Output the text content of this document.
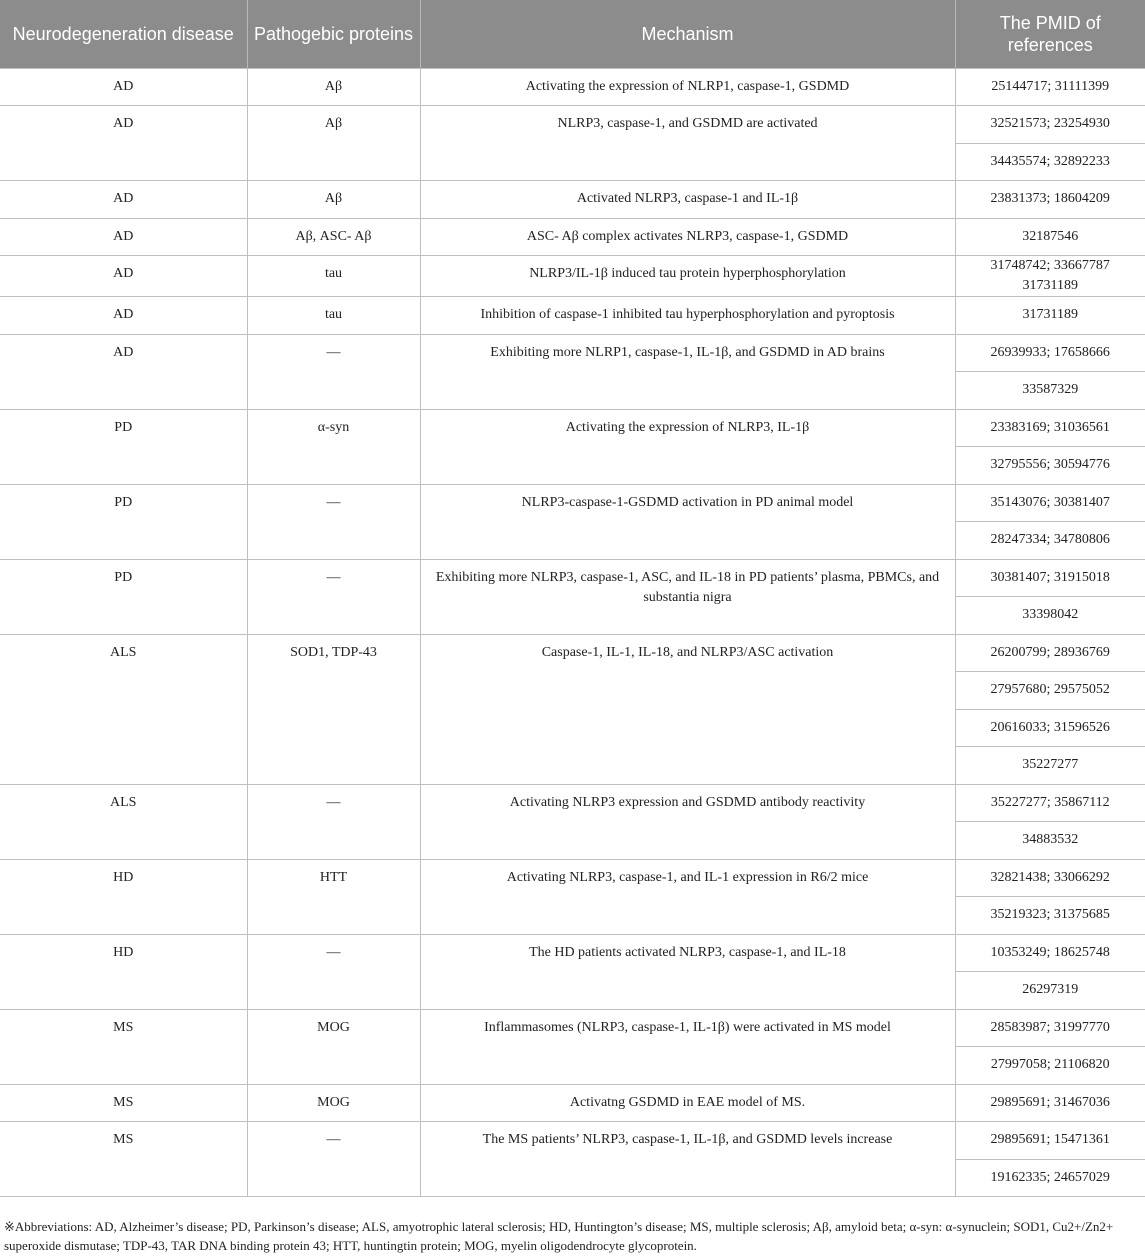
Neurodegeneration disease	Pathogebic proteins	Mechanism	The PMID of references
AD	Aβ	Activating the expression of NLRP1, caspase-1, GSDMD	25144717; 31111399
AD	Aβ	NLRP3, caspase-1, and GSDMD are activated	32521573; 23254930
			34435574; 32892233
AD	Aβ	Activated NLRP3, caspase-1 and IL-1β	23831373; 18604209
AD	Aβ, ASC- Aβ	ASC- Aβ complex activates NLRP3, caspase-1, GSDMD	32187546
AD	tau	NLRP3/IL-1β induced tau protein hyperphosphorylation	31748742; 33667787 31731189
AD	tau	Inhibition of caspase-1 inhibited tau hyperphosphorylation and pyroptosis	31731189
AD	—	Exhibiting more NLRP1, caspase-1, IL-1β, and GSDMD in AD brains	26939933; 17658666
			33587329
PD	α-syn	Activating the expression of NLRP3, IL-1β	23383169; 31036561
			32795556; 30594776
PD	—	NLRP3-caspase-1-GSDMD activation in PD animal model	35143076; 30381407
			28247334; 34780806
PD	—	Exhibiting more NLRP3, caspase-1, ASC, and IL-18 in PD patients’ plasma, PBMCs, and substantia nigra	30381407; 31915018
			33398042
ALS	SOD1, TDP-43	Caspase-1, IL-1, IL-18, and NLRP3/ASC activation	26200799; 28936769
			27957680; 29575052
			20616033; 31596526
			35227277
ALS	—	Activating NLRP3 expression and GSDMD antibody reactivity	35227277; 35867112
			34883532
HD	HTT	Activating NLRP3, caspase-1, and IL-1 expression in R6/2 mice	32821438; 33066292
			35219323; 31375685
HD	—	The HD patients activated NLRP3, caspase-1, and IL-18	10353249; 18625748
			26297319
MS	MOG	Inflammasomes (NLRP3, caspase-1, IL-1β) were activated in MS model	28583987; 31997770
			27997058; 21106820
MS	MOG	Activatng GSDMD in EAE model of MS.	29895691; 31467036
MS	—	The MS patients’ NLRP3, caspase-1, IL-1β, and GSDMD levels increase	29895691; 15471361
			19162335; 24657029
※Abbreviations: AD, Alzheimer’s disease; PD, Parkinson’s disease; ALS, amyotrophic lateral sclerosis; HD, Huntington’s disease; MS, multiple sclerosis; Aβ, amyloid beta; α-syn: α-synuclein; SOD1, Cu2+/Zn2+ superoxide dismutase; TDP-43, TAR DNA binding protein 43; HTT, huntingtin protein; MOG, myelin oligodendrocyte glycoprotein.
